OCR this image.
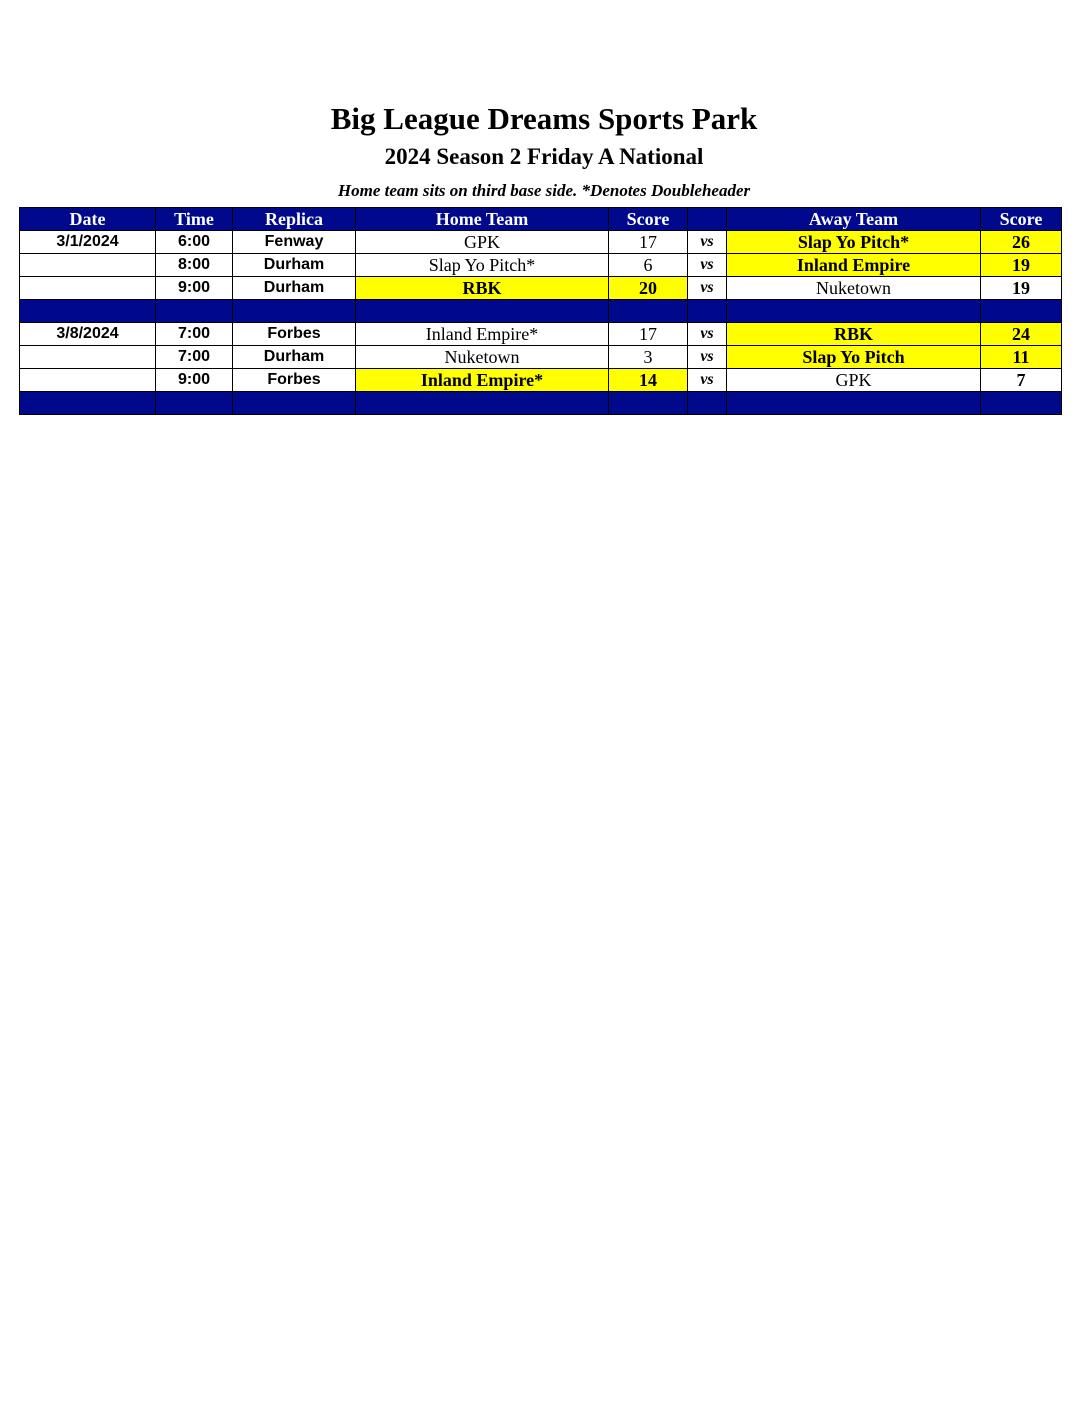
Big League Dreams Sports Park
2024 Season 2 Friday A National
Home team sits on third base side. *Denotes Doubleheader
Date	Time	Replica	Home Team	Score		Away Team	Score
3/1/2024	6:00	Fenway	GPK	17	vs	Slap Yo Pitch*	26
	8:00	Durham	Slap Yo Pitch*	6	vs	Inland Empire	19
	9:00	Durham	RBK	20	vs	Nuketown	19

3/8/2024	7:00	Forbes	Inland Empire*	17	vs	RBK	24
	7:00	Durham	Nuketown	3	vs	Slap Yo Pitch	11
	9:00	Forbes	Inland Empire*	14	vs	GPK	7
